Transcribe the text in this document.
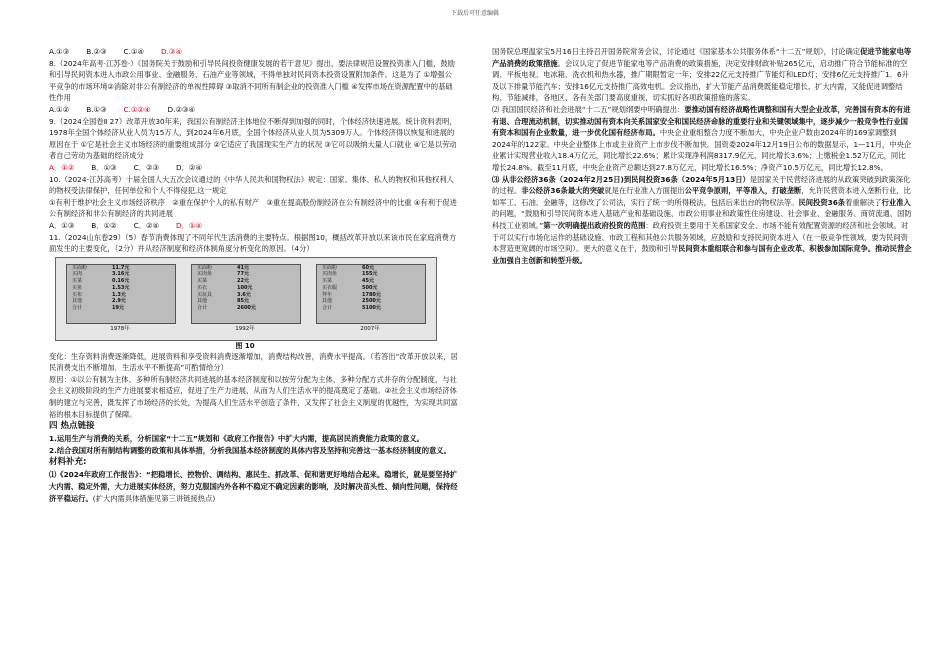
下载后可任意编辑

A.①③　　 B.②③　　 C.①④　　 D.③④

8.（2024年高考·江苏卷·）《国务院关于鼓励和引导民间投资健康发展的若干意见》提出，要法律规范设置投资准入门槛，鼓励和引导民间资本进入市政公用事业、金融服务、石油产业等领域，不得单独对民间资本投资设置附加条件。这是为了 ①增强公平竞争的市场环境②消除对非公有制经济的单视性障碍 ③取消不同所有制企业的投资准入门槛 ④发挥市场在资源配置中的基础性作用

A.①②　　 B.①③　　 C.①②④　　 D.②③④

9.（2024全国卷Ⅱ 27）改革开放30年来，我国公有制经济主体地位不断得到加强的同时，个体经济快速进展。统计资料表明，1978年全国个体经济从业人员为15万人，到2024年6月底，全国个体经济从业人员为5309万人。个体经济得以恢复和进展的原因在于 ①它是社会主义市场经济的重要组成部分 ②它适应了我国现实生产力的状况 ③它可以吸纳大量人口就业 ④它是以劳动者自己劳动为基础的经济成分

A．①②　　 B．①③　　 C．②③　　 D．②④

10.（2024-江苏高考）十届全国人大五次会议通过的《中华人民共和国物权法》规定：国家、集体、私人的物权和其他权利人的物权受法律保护，任何单位和个人不得侵犯.这一规定

①有利于维护社会主义市场经济秩序　②重在保护个人的私有财产　③重在提高股份制经济在公有制经济中的比重 ④有利于促进公有制经济和非公有制经济的共同进展

A．①③　　 B．①②　　 C．②④　　 D．①④

11.（2024山东卷29）（5）春节消费体现了不同年代生活消费的主要特点。根据图10，概括改革开放以来该市民在家庭消费方面发生的主要变化，（2分）并从经济制度和经济体制角度分析变化的原因。（4分）

买面粉	11.7元
买肉	3.16元
买菜	0.16元
买鱼	1.53元
买布	1.3元
其他	2.9元
合计	19元
1978年
买面粉	41元
买肉鱼	77元
买菜	22元
买衣	100元
买玩具	3.6元
其他	85元
合计	2600元
1992年
买面粉	60元
买肉鱼	155元
买菜	45元
买衣服	500元
拜年	1780元
其他	2500元
合计	5100元
2007年
图 10

变化：生存资料消费逐渐降低，进展资料和享受资料消费逐渐增加，消费结构改善，消费水平提高。（若答出“改革开放以来，居民消费支出不断增加．生活水平不断提高”可酌情给分）

原因：①以公有制为主体、多种所有制经济共同进展的基本经济制度和以按劳分配为主体、多种分配方式并存的分配制度，与社会主义初级阶段的生产力进展要求相适应，促进了生产力进展，从而为人们生活水平的提高奠定了基础。②社会主义市场经济体制的建立与完善，既发挥了市场经济的长处，为提高人们生活水平创造了条件，又发挥了社会主义制度的优越性，为实现共同富裕的根本目标提供了保障。

四 热点链接

1.运用生产与消费的关系，分析国家“十二五”规划和《政府工作报告》中扩大内需，提高居民消费能力政策的意义。

2.结合我国对所有制结构调整的政策和具体举措，分析我国基本经济制度的具体内容及坚持和完善这一基本经济制度的意义。

材料补充:

⑴《2024年政府工作报告》：“把稳增长、控物价、调结构、惠民生、抓改革、促和谐更好地结合起来。稳增长，就是要坚持扩大内需、稳定外需，大力进展实体经济，努力克服国内外各种不稳定不确定因素的影响，及时解决苗头性、倾向性问题，保持经济平稳运行。(扩大内需具体措施见第三讲链接热点)

国务院总理温家宝5月16日主持召开国务院常务会议，讨论通过《国家基本公共服务体系“十二五”规划》，讨论确定促进节能家电等产品消费的政策措施。会议认定了促进节能家电等产品消费的政策措施，决定安排财政补贴265亿元，启动推广符合节能标准的空调、平板电视、电冰箱、洗衣机和热水器，推广期限暂定一年；安排22亿元支持推广节能灯和LED灯；安排6亿元支持推广1．6升及以下排量节能汽车；安排16亿元支持推广高效电机。会议指出，扩大节能产品消费既能稳定增长、扩大内需，又能促进调整结构、节能减排，各地区、各有关部门要高度重视，切实抓好各项政策措施的落实。

⑵ 我国国民经济和社会进展“十二五”规划纲要中明确提出：要推动国有经济战略性调整和国有大型企业改革，完善国有资本的有进有退、合理流动机制，切实推动国有资本向关系国家安全和国民经济命脉的重要行业和关键领域集中，逐步减少一般竞争性行业国有资本和国有企业数量，进一步优化国有经济布局。中央企业重组整合力度不断加大，中央企业户数由2024年的169家调整到2024年的122家。中央企业整体上市或主业资产上市步伐不断加快。国资委2024年12月19日公布的数据显示，1—11月，中央企业累计实现营业收入18.4万亿元，同比增长22.6%；累计实现净利润8317.9亿元，同比增长3.6%；上缴税金1.52万亿元，同比增长24.8%。截至11月底，中央企业资产总额达到27.8万亿元，同比增长16.5%；净资产10.5万亿元，同比增长12.8%。

⑶ 从非公经济36条（2024年2月25日)到民间投资36条（2024年5月13日）是国家关于民营经济进展的从政策突破到政策深化的过程。非公经济36条最大的突破就是在行业准入方面提出公平竞争原则，平等准入，打破垄断，允许民营资本进入垄断行业，比如军工、石油、金融等，这修改了公司法，实行了统一的所得税法，包括后来出台的物权法等。民间投资36条着重解决了行业准入的问题，“鼓励和引导民间资本进入基础产业和基础设施、市政公用事业和政策性住房建设、社会事业、金融服务、商贸流通、国防科技工业领域。”第一次明确提出政府投资的范围：政府投资主要用于关系国家安全、市场不能有效配置资源的经济和社会领域。对于可以实行市场化运作的基础设施、市政工程和其他公共服务领域，应鼓励和支持民间资本进入（在一般竞争性领域，要为民间资本营造更宽阔的市场空间）。更大的意义在于，鼓励和引导民间资本重组联合和参与国有企业改革、积极参加国际竞争。推动民营企业加强自主创新和转型升级。
